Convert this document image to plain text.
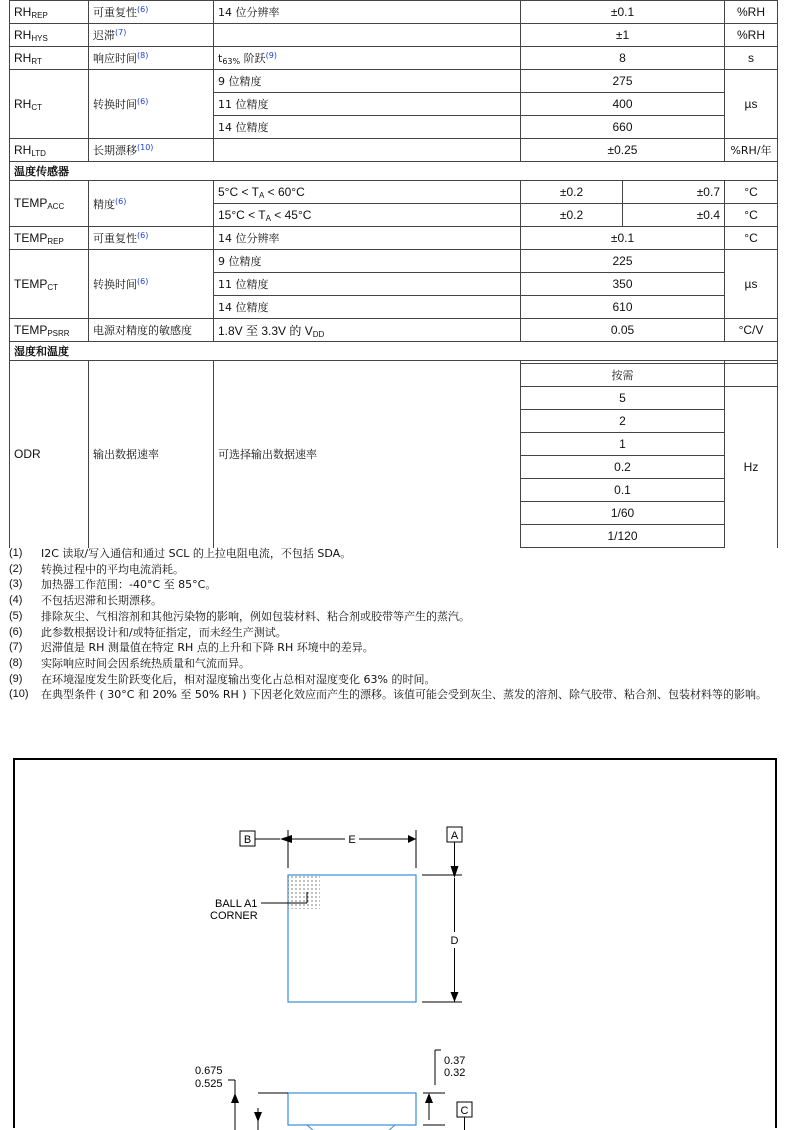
$RH_{REP}$	可重复性$^{(6)}$	14 位分辨率	±0.1		%RH
$RH_{HYS}$	迟滞$^{(7)}$		±1		%RH
$RH_{RT}$	响应时间$^{(8)}$	$t_{63\%}$ 阶跃$^{(9)}$	8		s
$RH_{CT}$	转换时间$^{(6)}$	9 位精度	275		µs
		11 位精度	400		
		14 位精度	660		
$RH_{LTD}$	长期漂移$^{(10)}$		±0.25		%RH/年
温度传感器					
$TEMP_{ACC}$	精度$^{(6)}$	$5^\circ C < T_A < 60^\circ C$	±0.2	±0.7	°C
		$15^\circ C < T_A < 45^\circ C$	±0.2	±0.4	°C
$TEMP_{REP}$	可重复性$^{(6)}$	14 位分辨率	±0.1		°C
$TEMP_{CT}$	转换时间$^{(6)}$	9 位精度	225		µs
		11 位精度	350		
		14 位精度	610		
$TEMP_{PSRR}$	电源对精度的敏感度	1.8V 至 3.3V 的 $V_{DD}$	0.05		°C/V
湿度和温度					
ODR	输出数据速率	可选择输出数据速率			
			按需		
			5		Hz
			2		
			1		
			0.2		
			0.1		
			1/60		
			1/120		
(1)	I2C 读取/写入通信和通过 SCL 的上拉电阻电流，不包括 SDA。
(2)	转换过程中的平均电流消耗。
(3)	加热器工作范围：-40°C 至 85°C。
(4)	不包括迟滞和长期漂移。
(5)	排除灰尘、气相溶剂和其他污染物的影响，例如包装材料、粘合剂或胶带等产生的蒸汽。
(6)	此参数根据设计和/或特征指定，而未经生产测试。
(7)	迟滞值是 RH 测量值在特定 RH 点的上升和下降 RH 环境中的差异。
(8)	实际响应时间会因系统热质量和气流而异。
(9)	在环境湿度发生阶跃变化后，相对湿度输出变化占总相对湿度变化 63% 的时间。
(10)	在典型条件 ( 30°C 和 20% 至 50% RH ) 下因老化效应而产生的漂移。该值可能会受到灰尘、蒸发的溶剂、除气胶带、粘合剂、包装材料等的影响。
E
B	A
D
BALL A1
CORNER
0.675
0.525
0.37
0.32
C
